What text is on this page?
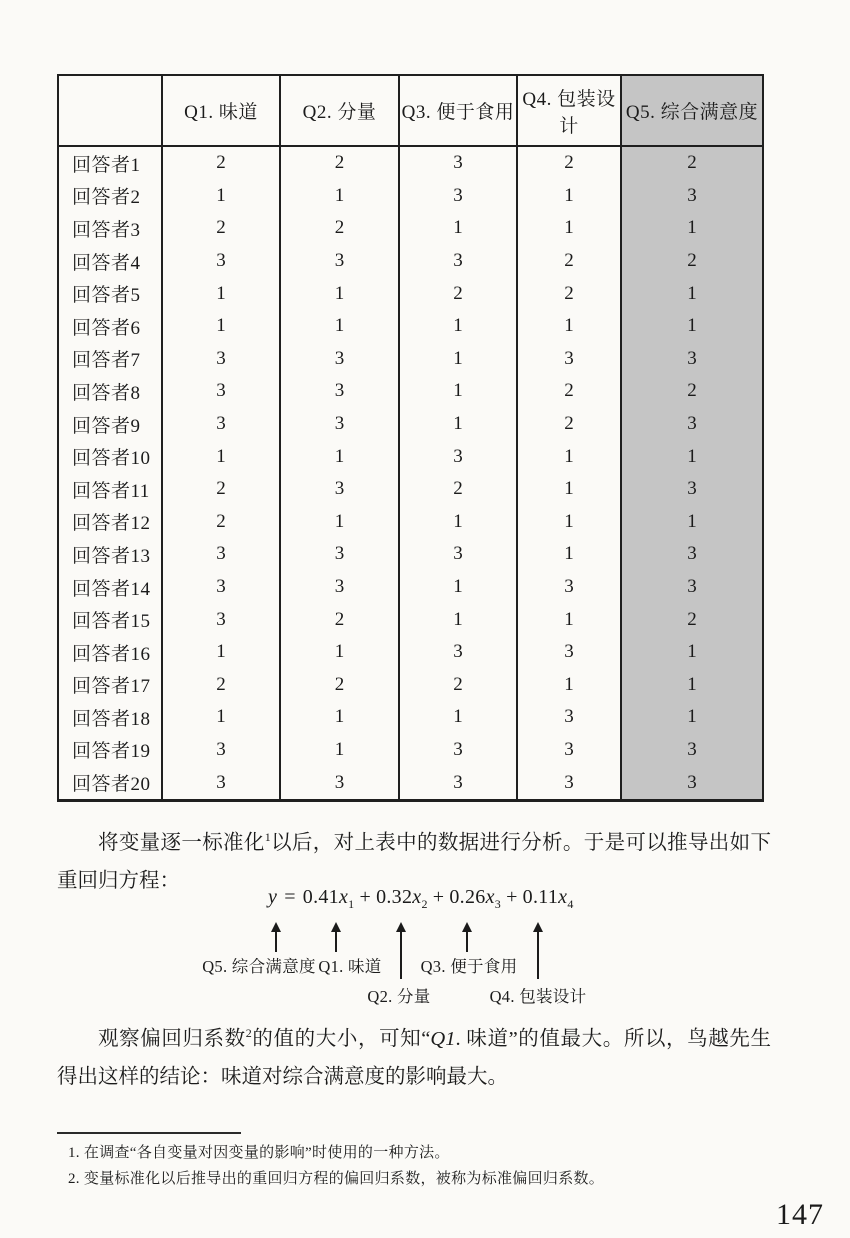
	Q1. 味道	Q2. 分量	Q3. 便于食用	Q4. 包装设计	Q5. 综合满意度
回答者1	2	2	3	2	2
回答者2	1	1	3	1	3
回答者3	2	2	1	1	1
回答者4	3	3	3	2	2
回答者5	1	1	2	2	1
回答者6	1	1	1	1	1
回答者7	3	3	1	3	3
回答者8	3	3	1	2	2
回答者9	3	3	1	2	3
回答者10	1	1	3	1	1
回答者11	2	3	2	1	3
回答者12	2	1	1	1	1
回答者13	3	3	3	1	3
回答者14	3	3	1	3	3
回答者15	3	2	1	1	2
回答者16	1	1	3	3	1
回答者17	2	2	2	1	1
回答者18	1	1	1	3	1
回答者19	3	1	3	3	3
回答者20	3	3	3	3	3

将变量逐一标准化$^1$以后，对上表中的数据进行分析。于是可以推导出如下重回归方程：

$y = 0.41x_1 + 0.32x_2 + 0.26x_3 + 0.11x_4$
Q5. 综合满意度 Q1. 味道
Q2. 分量
Q3. 便于食用
Q4. 包装设计

观察偏回归系数$^2$的值的大小，可知“Q1. 味道”的值最大。所以，鸟越先生得出这样的结论：味道对综合满意度的影响最大。

1. 在调查“各自变量对因变量的影响”时使用的一种方法。
2. 变量标准化以后推导出的重回归方程的偏回归系数，被称为标准偏回归系数。
147
